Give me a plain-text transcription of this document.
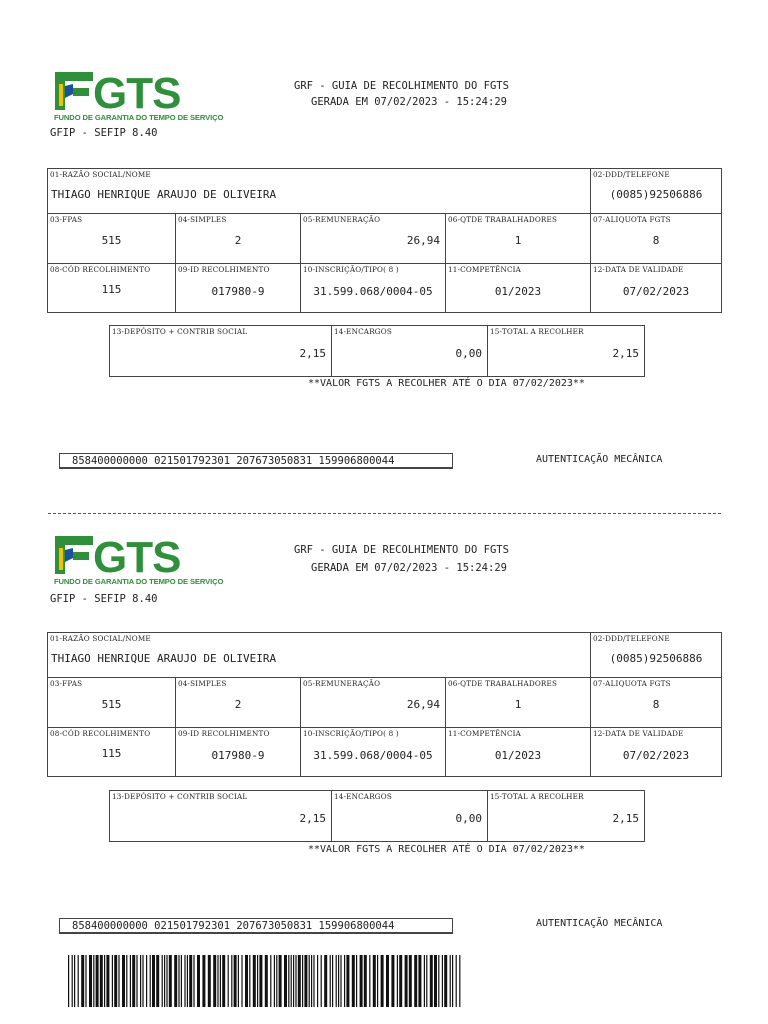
GTS
FUNDO DE GARANTIA DO TEMPO DE SERVIÇO
GRF - GUIA DE RECOLHIMENTO DO FGTS
GERADA EM 07/02/2023 - 15:24:29
GFIP - SEFIP 8.40
01-RAZÃO SOCIAL/NOME
THIAGO HENRIQUE ARAUJO DE OLIVEIRA
02-DDD/TELEFONE
(0085)92506886
03-FPAS
515
04-SIMPLES
2
05-REMUNERAÇÃO
26,94
06-QTDE TRABALHADORES
1
07-ALIQUOTA FGTS
8
08-CÓD RECOLHIMENTO
115
09-ID RECOLHIMENTO
017980-9
10-INSCRIÇÃO/TIPO( 8 )
31.599.068/0004-05
11-COMPETÊNCIA
01/2023
12-DATA DE VALIDADE
07/02/2023
13-DEPÓSITO + CONTRIB SOCIAL
2,15
14-ENCARGOS
0,00
15-TOTAL A RECOLHER
2,15
**VALOR FGTS A RECOLHER ATÉ O DIA 07/02/2023**
858400000000 021501792301 207673050831 159906800044	AUTENTICAÇÃO MECÂNICA
GTS
FUNDO DE GARANTIA DO TEMPO DE SERVIÇO
GRF - GUIA DE RECOLHIMENTO DO FGTS
GERADA EM 07/02/2023 - 15:24:29
GFIP - SEFIP 8.40
01-RAZÃO SOCIAL/NOME
THIAGO HENRIQUE ARAUJO DE OLIVEIRA
02-DDD/TELEFONE
(0085)92506886
03-FPAS
515
04-SIMPLES
2
05-REMUNERAÇÃO
26,94
06-QTDE TRABALHADORES
1
07-ALIQUOTA FGTS
8
08-CÓD RECOLHIMENTO
115
09-ID RECOLHIMENTO
017980-9
10-INSCRIÇÃO/TIPO( 8 )
31.599.068/0004-05
11-COMPETÊNCIA
01/2023
12-DATA DE VALIDADE
07/02/2023
13-DEPÓSITO + CONTRIB SOCIAL
2,15
14-ENCARGOS
0,00
15-TOTAL A RECOLHER
2,15
**VALOR FGTS A RECOLHER ATÉ O DIA 07/02/2023**
858400000000 021501792301 207673050831 159906800044	AUTENTICAÇÃO MECÂNICA
